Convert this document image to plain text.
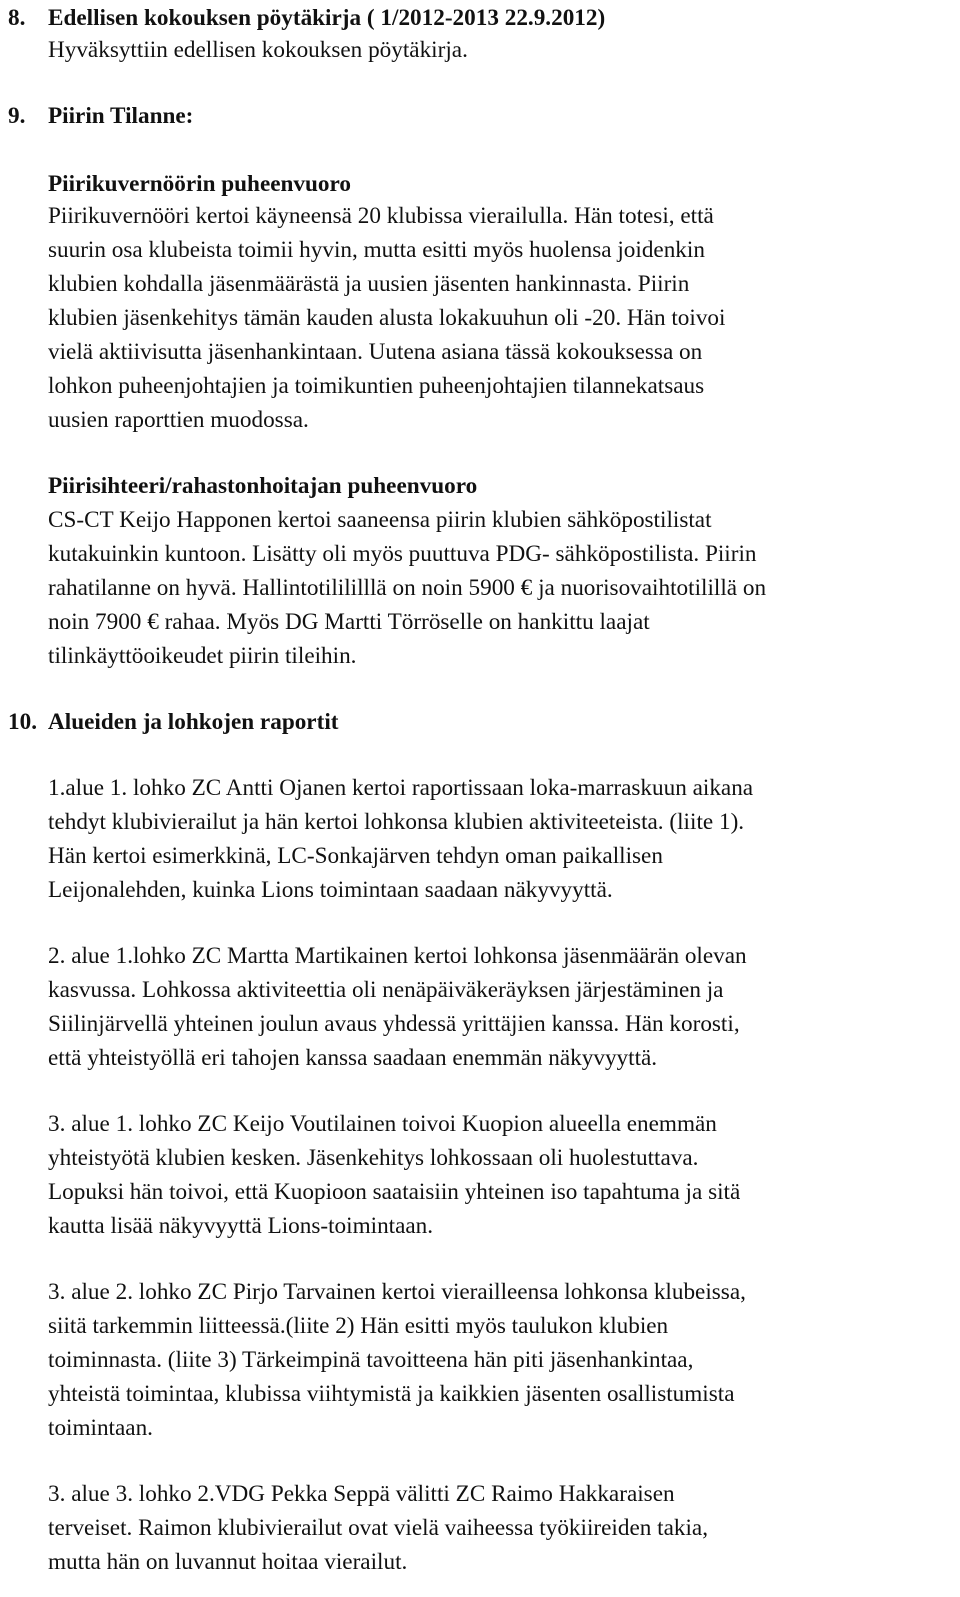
8. Edellisen kokouksen pöytäkirja ( 1/2012-2013 22.9.2012)

Hyväksyttiin edellisen kokouksen pöytäkirja.

9. Piirin Tilanne:

Piirikuvernöörin puheenvuoro

Piirikuvernööri kertoi käyneensä 20 klubissa vierailulla. Hän totesi, että

suurin osa klubeista toimii hyvin, mutta esitti myös huolensa joidenkin

klubien kohdalla jäsenmäärästä ja uusien jäsenten hankinnasta. Piirin

klubien jäsenkehitys tämän kauden alusta lokakuuhun oli -20. Hän toivoi

vielä aktiivisutta jäsenhankintaan. Uutena asiana tässä kokouksessa on

lohkon puheenjohtajien ja toimikuntien puheenjohtajien tilannekatsaus

uusien raporttien muodossa.

Piirisihteeri/rahastonhoitajan puheenvuoro

CS-CT Keijo Happonen kertoi saaneensa piirin klubien sähköpostilistat

kutakuinkin kuntoon. Lisätty oli myös puuttuva PDG- sähköpostilista. Piirin

rahatilanne on hyvä. Hallintotilililllä on noin 5900 € ja nuorisovaihtotilillä on

noin 7900 € rahaa. Myös DG Martti Törröselle on hankittu laajat

tilinkäyttöoikeudet piirin tileihin.

10. Alueiden ja lohkojen raportit

1.alue 1. lohko ZC Antti Ojanen kertoi raportissaan loka-marraskuun aikana

tehdyt klubivierailut ja hän kertoi lohkonsa klubien aktiviteeteista. (liite 1).

Hän kertoi esimerkkinä, LC-Sonkajärven tehdyn oman paikallisen

Leijonalehden, kuinka Lions toimintaan saadaan näkyvyyttä.

2. alue 1.lohko ZC Martta Martikainen kertoi lohkonsa jäsenmäärän olevan

kasvussa. Lohkossa aktiviteettia oli nenäpäiväkeräyksen järjestäminen ja

Siilinjärvellä yhteinen joulun avaus yhdessä yrittäjien kanssa. Hän korosti,

että yhteistyöllä eri tahojen kanssa saadaan enemmän näkyvyyttä.

3. alue 1. lohko ZC Keijo Voutilainen toivoi Kuopion alueella enemmän

yhteistyötä klubien kesken. Jäsenkehitys lohkossaan oli huolestuttava.

Lopuksi hän toivoi, että Kuopioon saataisiin yhteinen iso tapahtuma ja sitä

kautta lisää näkyvyyttä Lions-toimintaan.

3. alue 2. lohko ZC Pirjo Tarvainen kertoi vierailleensa lohkonsa klubeissa,

siitä tarkemmin liitteessä.(liite 2) Hän esitti myös taulukon klubien

toiminnasta. (liite 3) Tärkeimpinä tavoitteena hän piti jäsenhankintaa,

yhteistä toimintaa, klubissa viihtymistä ja kaikkien jäsenten osallistumista

toimintaan.

3. alue 3. lohko 2.VDG Pekka Seppä välitti ZC Raimo Hakkaraisen

terveiset. Raimon klubivierailut ovat vielä vaiheessa työkiireiden takia,

mutta hän on luvannut hoitaa vierailut.
